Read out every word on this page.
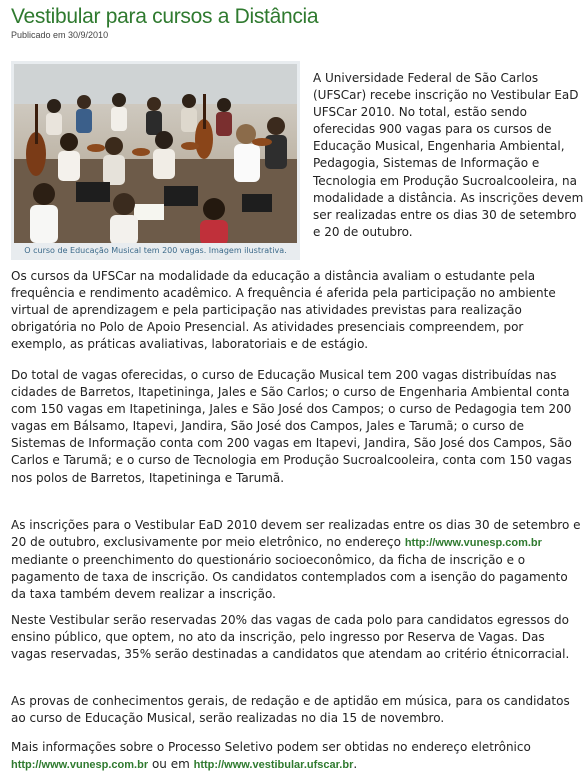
Vestibular para cursos a Distância
Publicado em 30/9/2010
O curso de Educação Musical tem 200 vagas. Imagem ilustrativa.

A Universidade Federal de São Carlos (UFSCar) recebe inscrição no Vestibular EaD UFSCar 2010. No total, estão sendo oferecidas 900 vagas para os cursos de Educação Musical, Engenharia Ambiental, Pedagogia, Sistemas de Informação e Tecnologia em Produção Sucroalcooleira, na modalidade a distância. As inscrições devem ser realizadas entre os dias 30 de setembro e 20 de outubro.

Os cursos da UFSCar na modalidade da educação a distância avaliam o estudante pela frequência e rendimento acadêmico. A frequência é aferida pela participação no ambiente virtual de aprendizagem e pela participação nas atividades previstas para realização obrigatória no Polo de Apoio Presencial. As atividades presenciais compreendem, por exemplo, as práticas avaliativas, laboratoriais e de estágio.

Do total de vagas oferecidas, o curso de Educação Musical tem 200 vagas distribuídas nas cidades de Barretos, Itapetininga, Jales e São Carlos; o curso de Engenharia Ambiental conta com 150 vagas em Itapetininga, Jales e São José dos Campos; o curso de Pedagogia tem 200 vagas em Bálsamo, Itapevi, Jandira, São José dos Campos, Jales e Tarumã; o curso de Sistemas de Informação conta com 200 vagas em Itapevi, Jandira, São José dos Campos, São Carlos e Tarumã; e o curso de Tecnologia em Produção Sucroalcooleira, conta com 150 vagas nos polos de Barretos, Itapetininga e Tarumã.

As inscrições para o Vestibular EaD 2010 devem ser realizadas entre os dias 30 de setembro e 20 de outubro, exclusivamente por meio eletrônico, no endereço http://www.vunesp.com.br mediante o preenchimento do questionário socioeconômico, da ficha de inscrição e o pagamento de taxa de inscrição. Os candidatos contemplados com a isenção do pagamento da taxa também devem realizar a inscrição.

Neste Vestibular serão reservadas 20% das vagas de cada polo para candidatos egressos do ensino público, que optem, no ato da inscrição, pelo ingresso por Reserva de Vagas. Das vagas reservadas, 35% serão destinadas a candidatos que atendam ao critério étnicorracial.

As provas de conhecimentos gerais, de redação e de aptidão em música, para os candidatos ao curso de Educação Musical, serão realizadas no dia 15 de novembro.

Mais informações sobre o Processo Seletivo podem ser obtidas no endereço eletrônico http://www.vunesp.com.br ou em http://www.vestibular.ufscar.br.
